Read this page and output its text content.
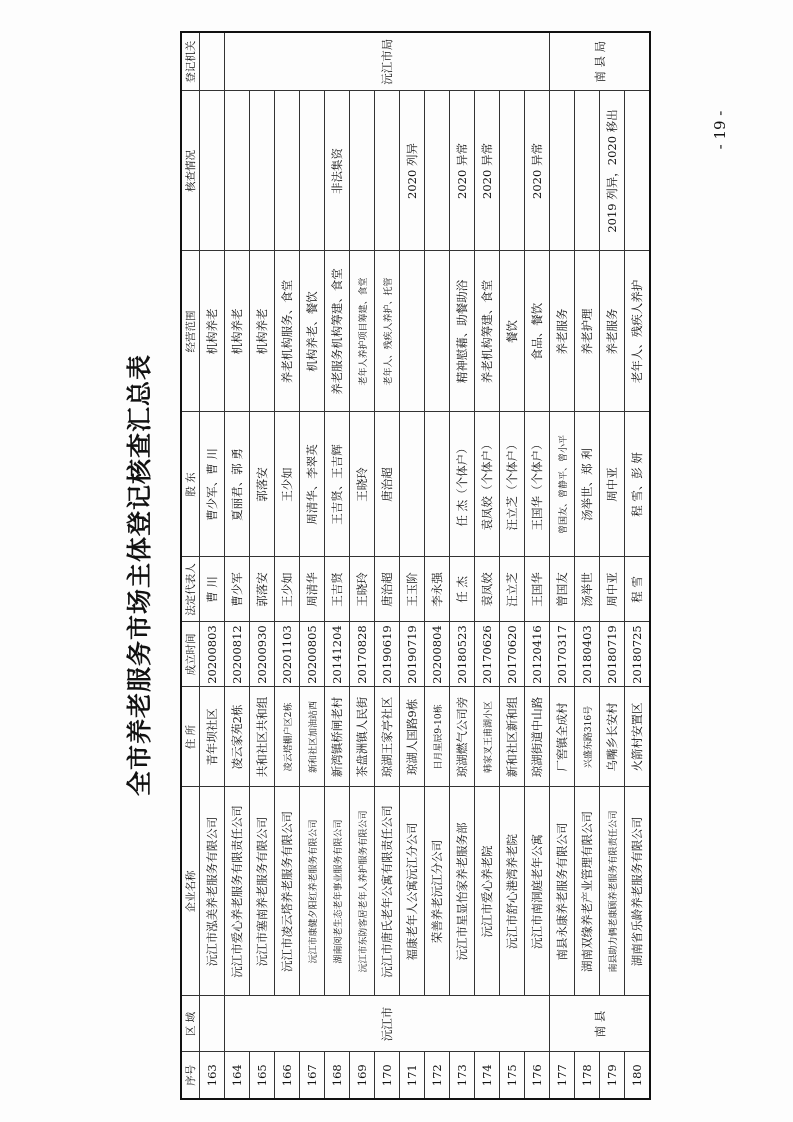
全市养老服务市场主体登记核查汇总表
- 19 -
序号	区 域	企业名称	住 所	成立时间	法定代表人	股 东	经营范围	核查情况	登记机关
163		沅江市泓美养老服务有限公司	青年坝社区	20200803	曹 川	曹少军、曹 川	机构养老		
164	沅江市	沅江市爱心养老服务有限责任公司	凌云家苑2栋	20200812	曹少军	夏丽君、郭 勇	机构养老		沅江市局
165		沅江市塞南养老服务有限公司	共和社区共和组	20200930	郭落安	郭落安	机构养老		
166		沅江市凌云塔养老服务有限公司	凌云塔棚户区2栋	20201103	王少如	王少如	养老机构服务、食堂		
167		沅江市康健夕阳红养老服务有限公司	新和社区加油站西	20200805	周清华	周清华、李翠英	机构养老、餐饮		
168		湖南阅老生态老年事业服务有限公司	新湾镇桥闸老村	20141204	王吉贤	王吉贤、王吉辉	养老服务机构筹建、食堂	非法集资	
169		沅江市东防客居老年人养护服务有限公司	茶盘洲镇人民街	20170828	王晓玲	王晓玲	老年人养护项目筹建、食堂		
170		沅江市唐氏老年公寓有限责任公司	琼湖王家亭社区	20190619	唐治超	唐治超	老年人、残疾人养护、托管		
171		福康老年人公寓沅江分公司	琼湖人国路9栋	20190719	王玉阶			2020 列异	
172		荣善养老沅江分公司	日月星辰9-10栋	20200804	李永强				
173		沅江市星显怡家养老服务部	琼湖燃气公司旁	20180523	任 杰	任 杰（个体户）	精神慰藉、助餐助浴	2020 异常	
174		沅江市爱心养老院	韩家叉王甫湖小区	20170626	袁凤姣	袁凤姣（个体户）	养老机构筹建、食堂	2020 异常	
175		沅江市舒心港湾养老院	新和社区新和组	20170620	汪立芝	汪立芝（个体户）	餐饮		
176		沅江市南洞庭老年公寓	琼湖街道中山路	20120416	王国华	王国华（个体户）	食品、餐饮	2020 异常	
177	南 县	南县永康养老服务有限公司	厂窖镇全成村	20170317	曾国友	曾国友、曾静平、曾小平	养老服务		南 县 局
178		湖南双缘养老产业管理有限公司	兴盛东路316号	20180403	汤举世	汤举世、郑 利	养老护理		
179		南县助力俩老康顾养老服务有限责任公司	乌嘴乡长安村	20180719	周中亚	周中亚	养老服务	2019 列异，2020 移出	
180		湖南省乐龄养老服务有限公司	火箭村安置区	20180725	程 雪	程 雪、彭 妍	老年人、残疾人养护		
